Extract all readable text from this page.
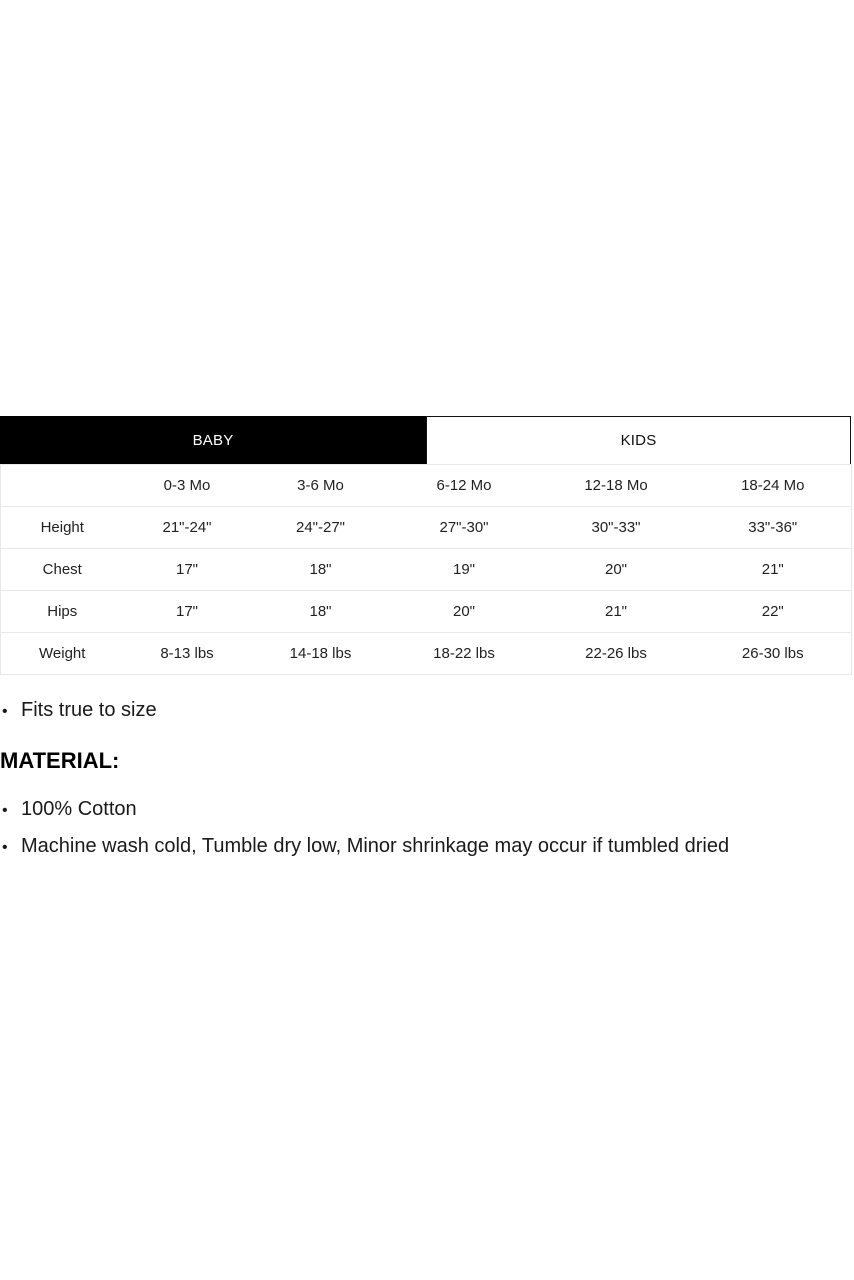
BABY	KIDS
	0-3 Mo	3-6 Mo	6-12 Mo	12-18 Mo	18-24 Mo
Height	21"-24"	24"-27"	27"-30"	30"-33"	33"-36"
Chest	17"	18"	19"	20"	21"
Hips	17"	18"	20"	21"	22"
Weight	8-13 lbs	14-18 lbs	18-22 lbs	22-26 lbs	26-30 lbs
• Fits true to size
MATERIAL:
• 100% Cotton
• Machine wash cold, Tumble dry low, Minor shrinkage may occur if tumbled dried
